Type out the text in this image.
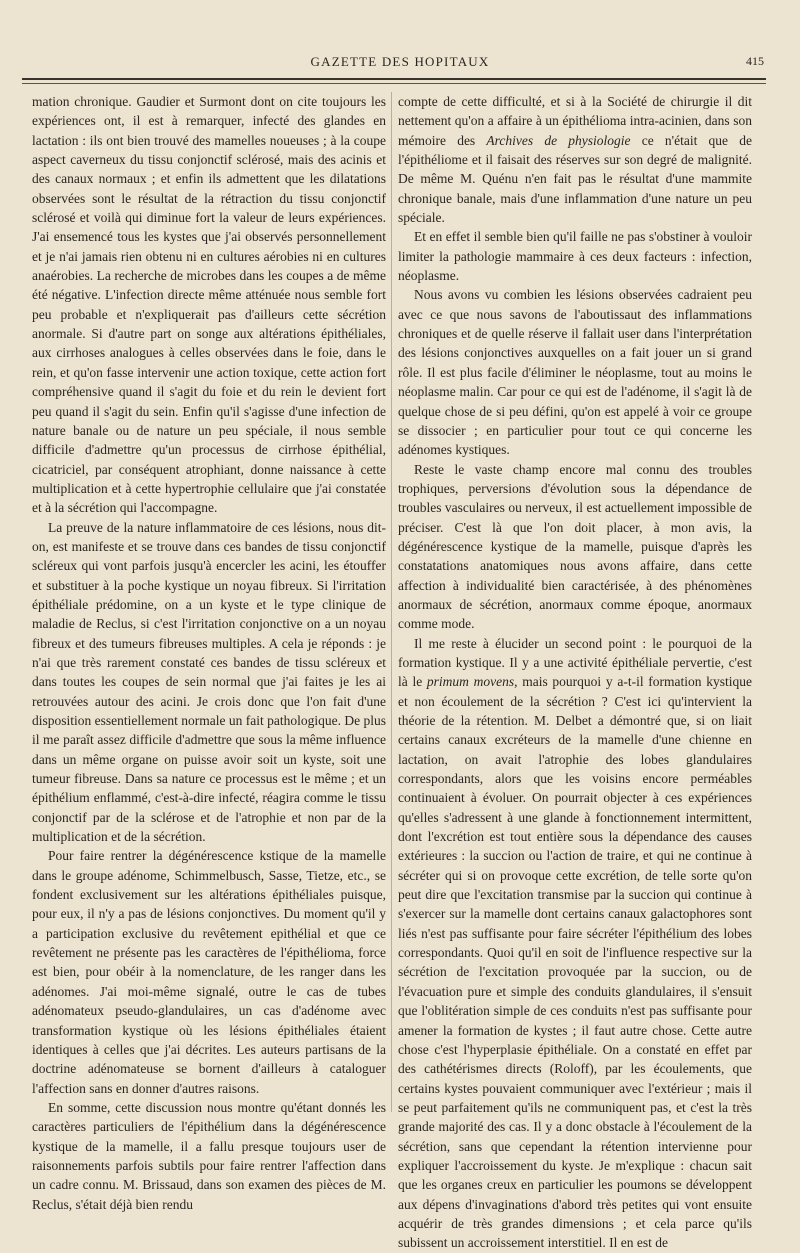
GAZETTE DES HOPITAUX	415

mation chronique. Gaudier et Surmont dont on cite toujours les expériences ont, il est à remarquer, infecté des glandes en lactation : ils ont bien trouvé des mamelles noueuses ; à la coupe aspect caverneux du tissu conjonctif sclérosé, mais des acinis et des canaux normaux ; et enfin ils admettent que les dilatations observées sont le résultat de la rétraction du tissu conjonctif sclérosé et voilà qui diminue fort la valeur de leurs expériences. J'ai ensemencé tous les kystes que j'ai observés personnellement et je n'ai jamais rien obtenu ni en cultures aérobies ni en cultures anaérobies. La recherche de microbes dans les coupes a de même été négative. L'infection directe même atténuée nous semble fort peu probable et n'expliquerait pas d'ailleurs cette sécrétion anormale. Si d'autre part on songe aux altérations épithéliales, aux cirrhoses analogues à celles observées dans le foie, dans le rein, et qu'on fasse intervenir une action toxique, cette action fort compréhensive quand il s'agit du foie et du rein le devient fort peu quand il s'agit du sein. Enfin qu'il s'agisse d'une infection de nature banale ou de nature un peu spéciale, il nous semble difficile d'admettre qu'un processus de cirrhose épithélial, cicatriciel, par conséquent atrophiant, donne naissance à cette multiplication et à cette hypertrophie cellulaire que j'ai constatée et à la sécrétion qui l'accompagne.

La preuve de la nature inflammatoire de ces lésions, nous dit-on, est manifeste et se trouve dans ces bandes de tissu conjonctif scléreux qui vont parfois jusqu'à encercler les acini, les étouffer et substituer à la poche kystique un noyau fibreux. Si l'irritation épithéliale prédomine, on a un kyste et le type clinique de maladie de Reclus, si c'est l'irritation conjonctive on a un noyau fibreux et des tumeurs fibreuses multiples. A cela je réponds : je n'ai que très rarement constaté ces bandes de tissu scléreux et dans toutes les coupes de sein normal que j'ai faites je les ai retrouvées autour des acini. Je crois donc que l'on fait d'une disposition essentiellement normale un fait pathologique. De plus il me paraît assez difficile d'admettre que sous la même influence dans un même organe on puisse avoir soit un kyste, soit une tumeur fibreuse. Dans sa nature ce processus est le même ; et un épithélium enflammé, c'est-à-dire infecté, réagira comme le tissu conjonctif par de la sclérose et de l'atrophie et non par de la multiplication et de la sécrétion.

Pour faire rentrer la dégénérescence kstique de la mamelle dans le groupe adénome, Schimmelbusch, Sasse, Tietze, etc., se fondent exclusivement sur les altérations épithéliales puisque, pour eux, il n'y a pas de lésions conjonctives. Du moment qu'il y a participation exclusive du revêtement epithélial et que ce revêtement ne présente pas les caractères de l'épithélioma, force est bien, pour obéir à la nomenclature, de les ranger dans les adénomes. J'ai moi-même signalé, outre le cas de tubes adénomateux pseudo-glandulaires, un cas d'adénome avec transformation kystique où les lésions épithéliales étaient identiques à celles que j'ai décrites. Les auteurs partisans de la doctrine adénomateuse se bornent d'ailleurs à cataloguer l'affection sans en donner d'autres raisons.

En somme, cette discussion nous montre qu'étant donnés les caractères particuliers de l'épithélium dans la dégénérescence kystique de la mamelle, il a fallu presque toujours user de raisonnements parfois subtils pour faire rentrer l'affection dans un cadre connu. M. Brissaud, dans son examen des pièces de M. Reclus, s'était déjà bien rendu

compte de cette difficulté, et si à la Société de chirurgie il dit nettement qu'on a affaire à un épithélioma intra-acinien, dans son mémoire des Archives de physiologie ce n'était que de l'épithéliome et il faisait des réserves sur son degré de malignité. De même M. Quénu n'en fait pas le résultat d'une mammite chronique banale, mais d'une inflammation d'une nature un peu spéciale.

Et en effet il semble bien qu'il faille ne pas s'obstiner à vouloir limiter la pathologie mammaire à ces deux facteurs : infection, néoplasme.

Nous avons vu combien les lésions observées cadraient peu avec ce que nous savons de l'aboutissaut des inflammations chroniques et de quelle réserve il fallait user dans l'interprétation des lésions conjonctives auxquelles on a fait jouer un si grand rôle. Il est plus facile d'éliminer le néoplasme, tout au moins le néoplasme malin. Car pour ce qui est de l'adénome, il s'agit là de quelque chose de si peu défini, qu'on est appelé à voir ce groupe se dissocier ; en particulier pour tout ce qui concerne les adénomes kystiques.

Reste le vaste champ encore mal connu des troubles trophiques, perversions d'évolution sous la dépendance de troubles vasculaires ou nerveux, il est actuellement impossible de préciser. C'est là que l'on doit placer, à mon avis, la dégénérescence kystique de la mamelle, puisque d'après les constatations anatomiques nous avons affaire, dans cette affection à individualité bien caractérisée, à des phénomènes anormaux de sécrétion, anormaux comme époque, anormaux comme mode.

Il me reste à élucider un second point : le pourquoi de la formation kystique. Il y a une activité épithéliale pervertie, c'est là le primum movens, mais pourquoi y a-t-il formation kystique et non écoulement de la sécrétion ? C'est ici qu'intervient la théorie de la rétention. M. Delbet a démontré que, si on liait certains canaux excréteurs de la mamelle d'une chienne en lactation, on avait l'atrophie des lobes glandulaires correspondants, alors que les voisins encore perméables continuaient à évoluer. On pourrait objecter à ces expériences qu'elles s'adressent à une glande à fonctionnement intermittent, dont l'excrétion est tout entière sous la dépendance des causes extérieures : la succion ou l'action de traire, et qui ne continue à sécréter qui si on provoque cette excrétion, de telle sorte qu'on peut dire que l'excitation transmise par la succion qui continue à s'exercer sur la mamelle dont certains canaux galactophores sont liés n'est pas suffisante pour faire sécréter l'épithélium des lobes correspondants. Quoi qu'il en soit de l'influence respective sur la sécrétion de l'excitation provoquée par la succion, ou de l'évacuation pure et simple des conduits glandulaires, il s'ensuit que l'oblitération simple de ces conduits n'est pas suffisante pour amener la formation de kystes ; il faut autre chose. Cette autre chose c'est l'hyperplasie épithéliale. On a constaté en effet par des cathétérismes directs (Roloff), par les écoulements, que certains kystes pouvaient communiquer avec l'extérieur ; mais il se peut parfaitement qu'ils ne communiquent pas, et c'est la très grande majorité des cas. Il y a donc obstacle à l'écoulement de la sécrétion, sans que cependant la rétention intervienne pour expliquer l'accroissement du kyste. Je m'explique : chacun sait que les organes creux en particulier les poumons se développent aux dépens d'invaginations d'abord très petites qui vont ensuite acquérir de très grandes dimensions ; et cela parce qu'ils subissent un accroissement interstitiel. Il en est de
